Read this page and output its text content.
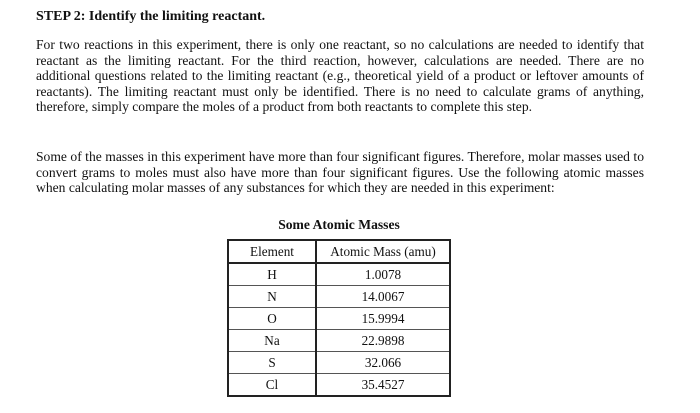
STEP 2: Identify the limiting reactant.

For two reactions in this experiment, there is only one reactant, so no calculations are needed to identify that reactant as the limiting reactant. For the third reaction, however, calculations are needed. There are no additional questions related to the limiting reactant (e.g., theoretical yield of a product or leftover amounts of reactants). The limiting reactant must only be identified. There is no need to calculate grams of anything, therefore, simply compare the moles of a product from both reactants to complete this step.

Some of the masses in this experiment have more than four significant figures. Therefore, molar masses used to convert grams to moles must also have more than four significant figures. Use the following atomic masses when calculating molar masses of any substances for which they are needed in this experiment:

Some Atomic Masses
Element	Atomic Mass (amu)
H	1.0078
N	14.0067
O	15.9994
Na	22.9898
S	32.066
Cl	35.4527
